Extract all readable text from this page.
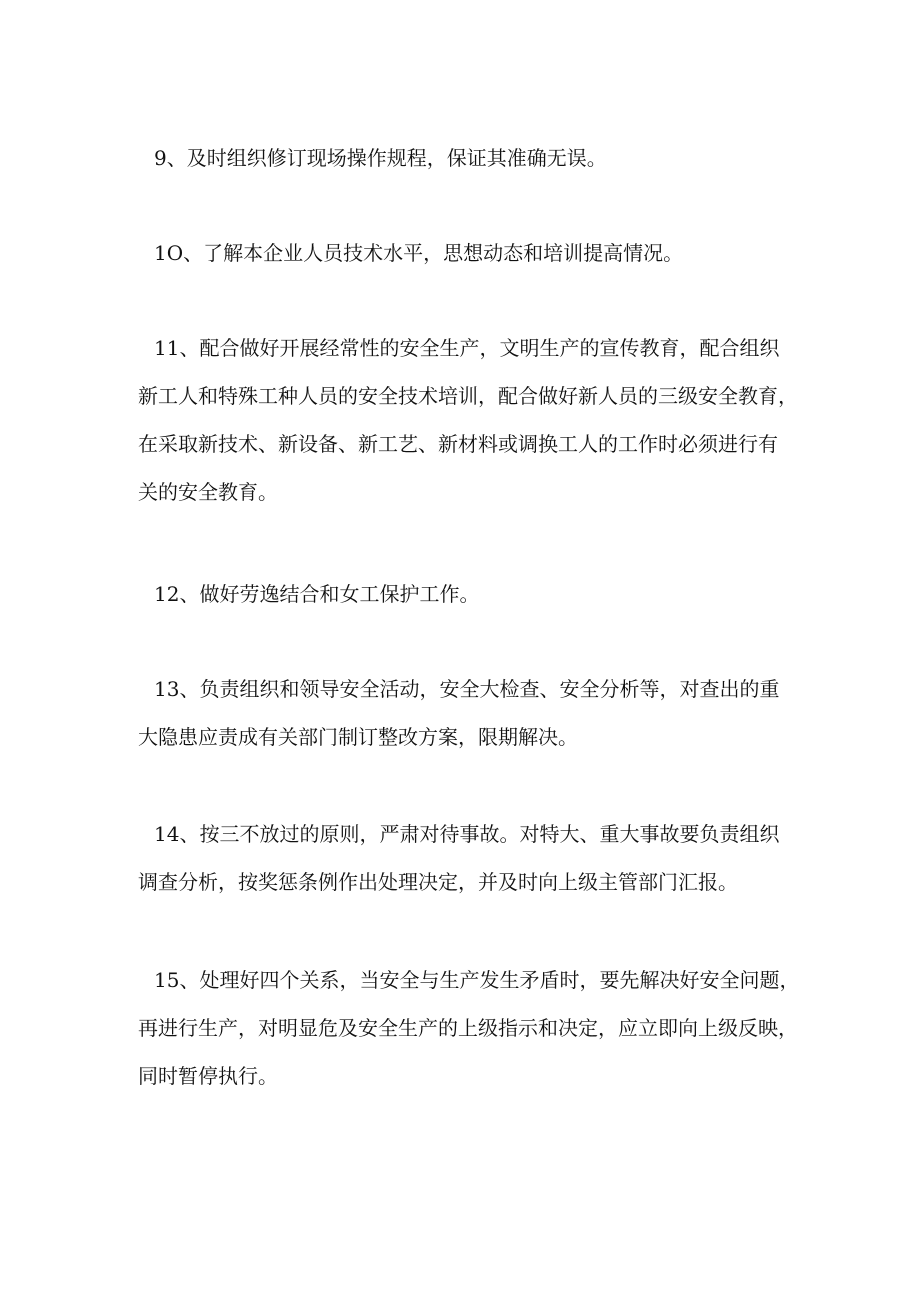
9、及时组织修订现场操作规程，保证其准确无误。

1O、了解本企业人员技术水平，思想动态和培训提高情况。

11、配合做好开展经常性的安全生产，文明生产的宣传教育，配合组织
新工人和特殊工种人员的安全技术培训，配合做好新人员的三级安全教育，
在采取新技术、新设备、新工艺、新材料或调换工人的工作时必须进行有
关的安全教育。

12、做好劳逸结合和女工保护工作。

13、负责组织和领导安全活动，安全大检查、安全分析等，对查出的重
大隐患应责成有关部门制订整改方案，限期解决。

14、按三不放过的原则，严肃对待事故。对特大、重大事故要负责组织
调查分析，按奖惩条例作出处理决定，并及时向上级主管部门汇报。

15、处理好四个关系，当安全与生产发生矛盾时，要先解决好安全问题，
再进行生产，对明显危及安全生产的上级指示和决定，应立即向上级反映，
同时暂停执行。
